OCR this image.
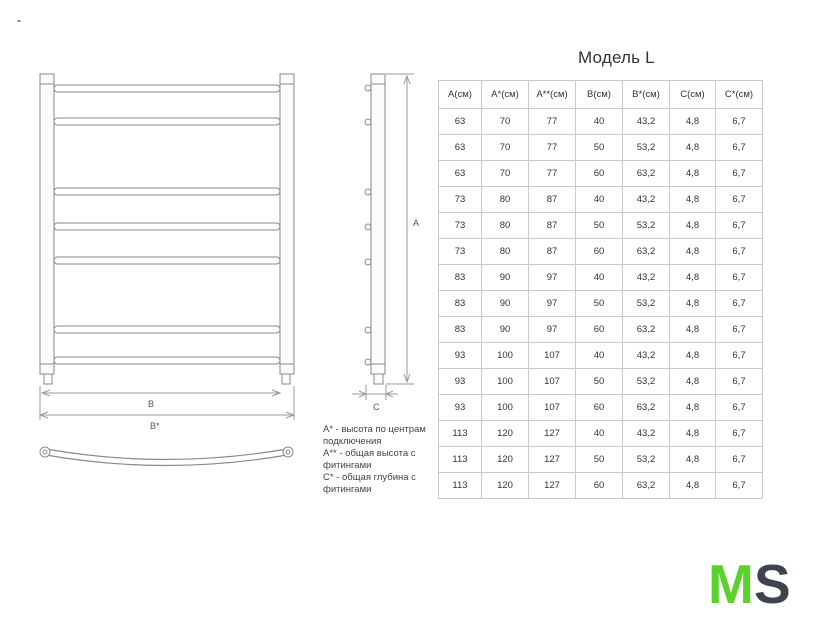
-
B
B*
A
C
Модель L
A(см)	A*(см)	A**(см)	B(см)	B*(см)	C(см)	C*(см)
63	70	77	40	43,2	4,8	6,7
63	70	77	50	53,2	4,8	6,7
63	70	77	60	63,2	4,8	6,7
73	80	87	40	43,2	4,8	6,7
73	80	87	50	53,2	4,8	6,7
73	80	87	60	63,2	4,8	6,7
83	90	97	40	43,2	4,8	6,7
83	90	97	50	53,2	4,8	6,7
83	90	97	60	63,2	4,8	6,7
93	100	107	40	43,2	4,8	6,7
93	100	107	50	53,2	4,8	6,7
93	100	107	60	63,2	4,8	6,7
113	120	127	40	43,2	4,8	6,7
113	120	127	50	53,2	4,8	6,7
113	120	127	60	63,2	4,8	6,7

A* - высота по центрам подключения

A** - общая высота с фитингами

C* - общая глубина с фитингами

M S
